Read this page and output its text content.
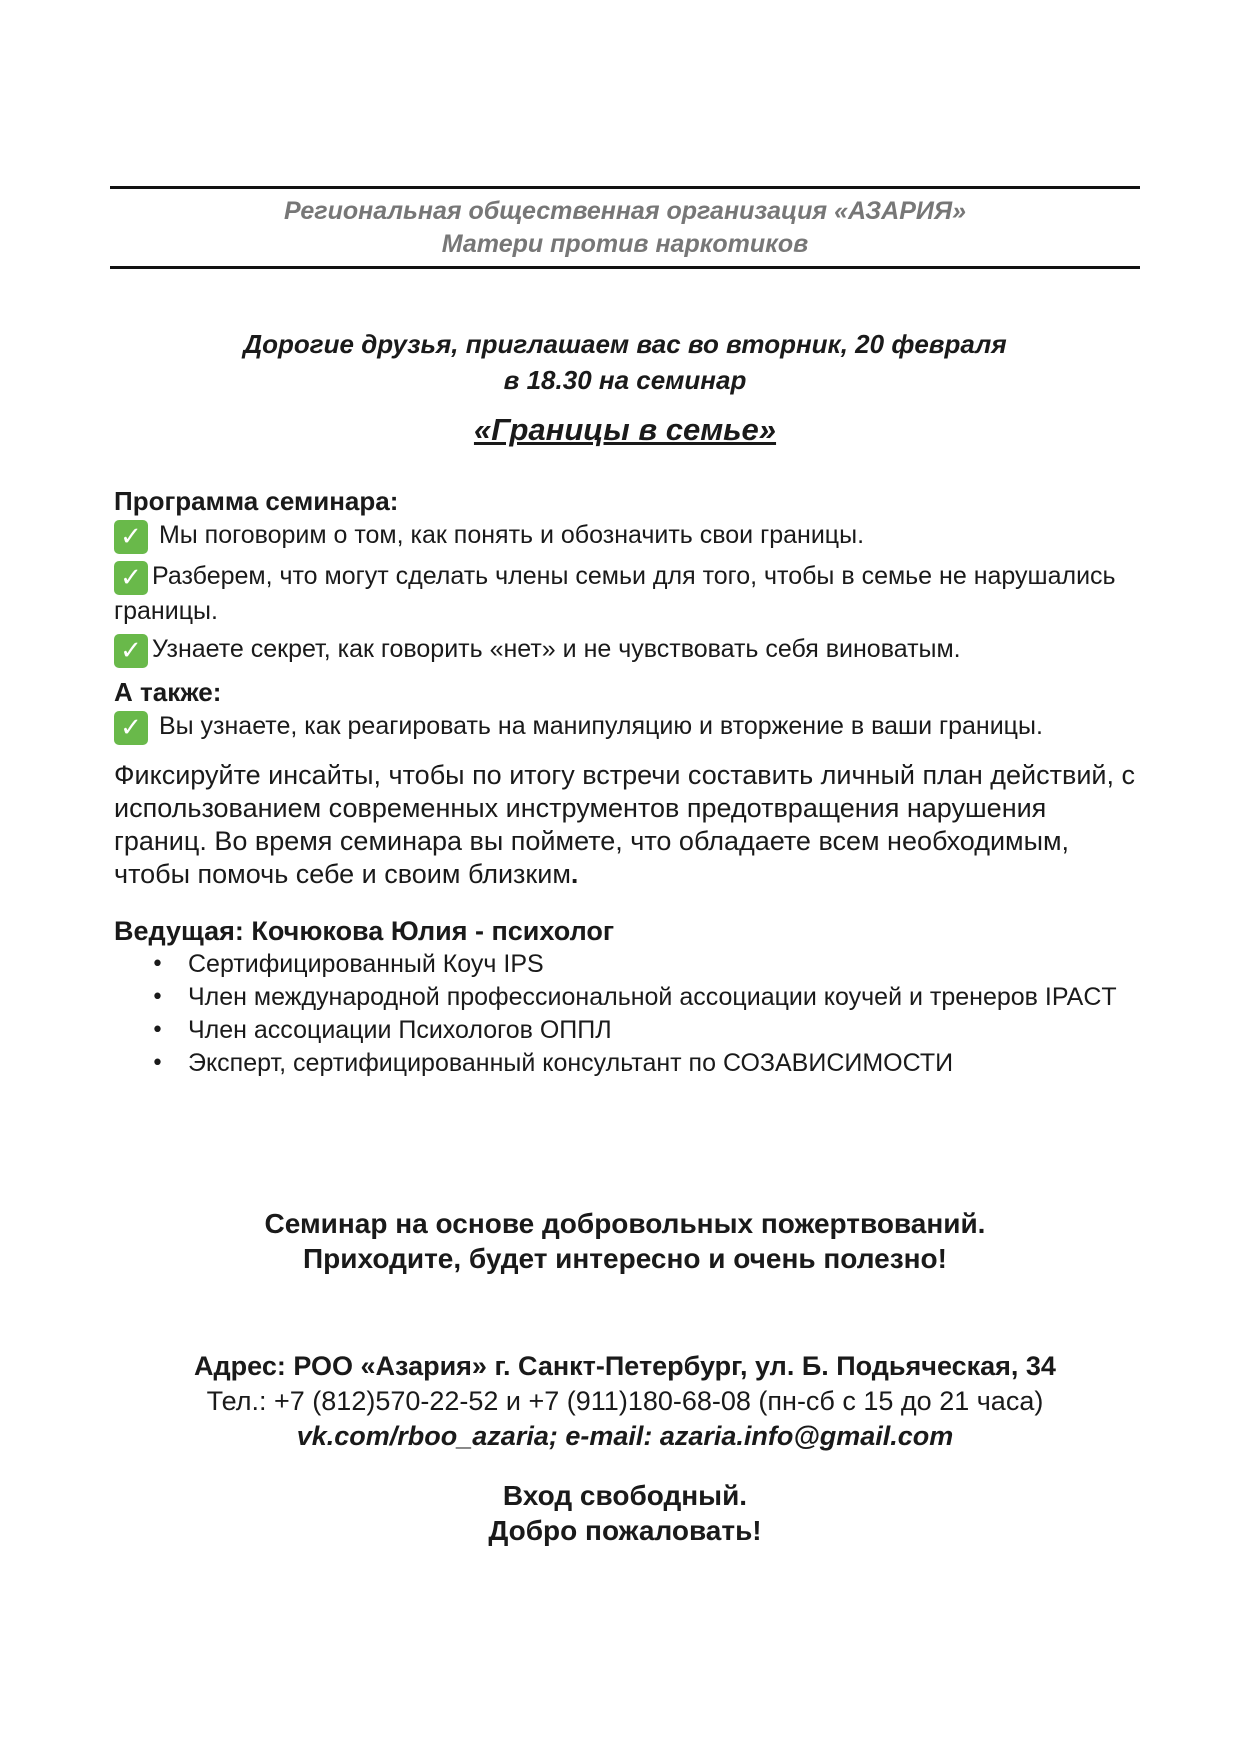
Региональная общественная организация «АЗАРИЯ»
Матери против наркотиков
Дорогие друзья, приглашаем вас во вторник, 20 февраля
в 18.30 на семинар
«Границы в семье»

Программа семинара:

✓ Мы поговорим о том, как понять и обозначить свои границы.

✓ Разберем, что могут сделать члены семьи для того, чтобы в семье не нарушались границы.

✓ Узнаете секрет, как говорить «нет» и не чувствовать себя виноватым.

А также:

✓ Вы узнаете, как реагировать на манипуляцию и вторжение в ваши границы.

Фиксируйте инсайты, чтобы по итогу встречи составить личный план действий, с использованием современных инструментов предотвращения нарушения границ. Во время семинара вы поймете, что обладаете всем необходимым, чтобы помочь себе и своим близким.

Ведущая: Кочюкова Юлия - психолог

• Сертифицированный Коуч IPS
• Член международной профессиональной ассоциации коучей и тренеров IPACT
• Член ассоциации Психологов ОППЛ
• Эксперт, сертифицированный консультант по СОЗАВИСИМОСТИ
Семинар на основе добровольных пожертвований.
Приходите, будет интересно и очень полезно!
Адрес: РОО «Азария» г. Санкт-Петербург, ул. Б. Подьяческая, 34
Тел.: +7 (812)570-22-52 и +7 (911)180-68-08 (пн-сб с 15 до 21 часа)
vk.com/rboo_azaria; e-mail: azaria.info@gmail.com
Вход свободный.
Добро пожаловать!
